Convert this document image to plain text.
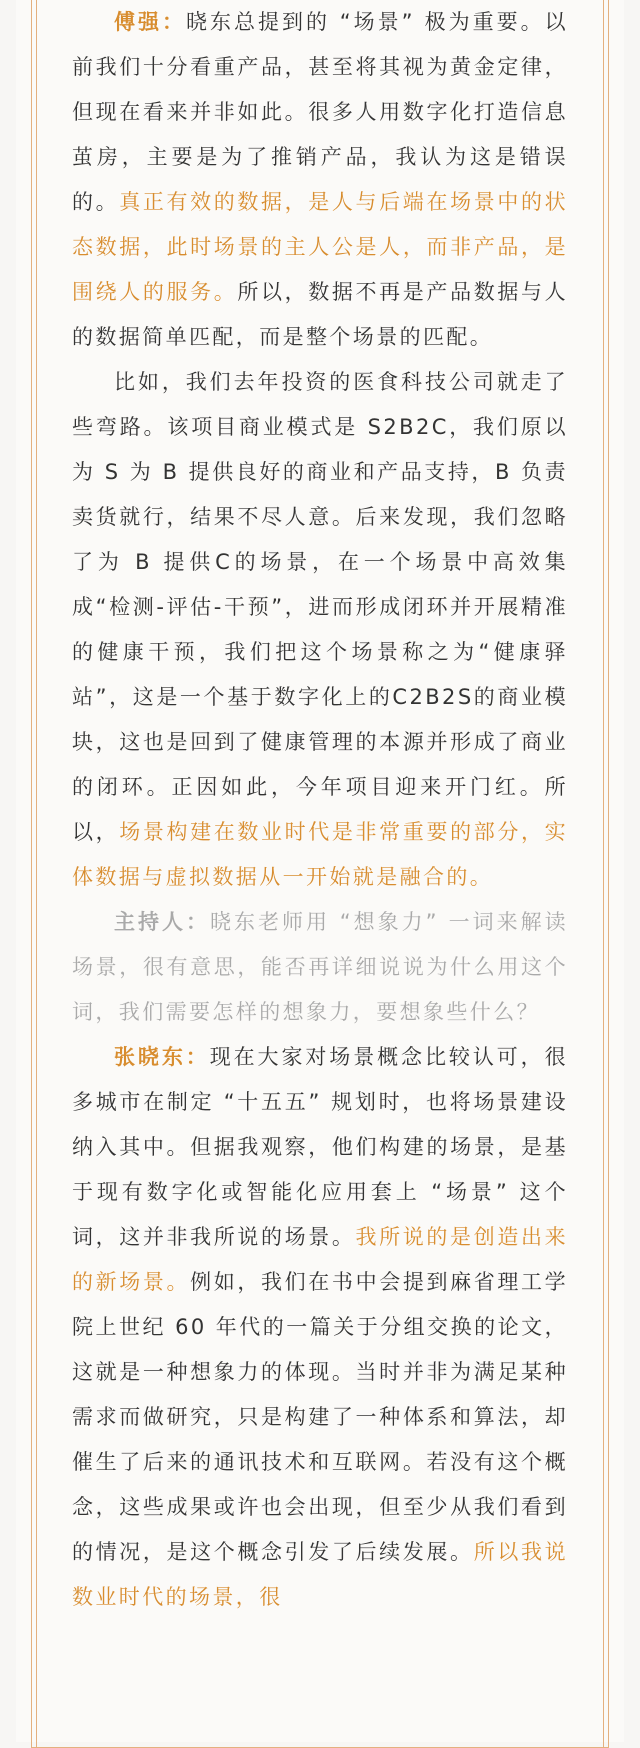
傅强：晓东总提到的 “场景” 极为重要。以前我们十分看重产品，甚至将其视为黄金定律，但现在看来并非如此。很多人用数字化打造信息茧房，主要是为了推销产品，我认为这是错误的。真正有效的数据，是人与后端在场景中的状态数据，此时场景的主人公是人，而非产品，是围绕人的服务。所以，数据不再是产品数据与人的数据简单匹配，而是整个场景的匹配。

比如，我们去年投资的医食科技公司就走了些弯路。该项目商业模式是 S2B2C，我们原以为 S 为 B 提供良好的商业和产品支持，B 负责卖货就行，结果不尽人意。后来发现，我们忽略了为 B 提供C的场景，在一个场景中高效集成“检测-评估-干预”，进而形成闭环并开展精准的健康干预，我们把这个场景称之为“健康驿站”，这是一个基于数字化上的C2B2S的商业模块，这也是回到了健康管理的本源并形成了商业的闭环。正因如此，今年项目迎来开门红。所以，场景构建在数业时代是非常重要的部分，实体数据与虚拟数据从一开始就是融合的。

主持人：晓东老师用 “想象力” 一词来解读场景，很有意思，能否再详细说说为什么用这个词，我们需要怎样的想象力，要想象些什么？

张晓东：现在大家对场景概念比较认可，很多城市在制定 “十五五” 规划时，也将场景建设纳入其中。但据我观察，他们构建的场景，是基于现有数字化或智能化应用套上 “场景” 这个词，这并非我所说的场景。我所说的是创造出来的新场景。例如，我们在书中会提到麻省理工学院上世纪 60 年代的一篇关于分组交换的论文，这就是一种想象力的体现。当时并非为满足某种需求而做研究，只是构建了一种体系和算法，却催生了后来的通讯技术和互联网。若没有这个概念，这些成果或许也会出现，但至少从我们看到的情况，是这个概念引发了后续发展。所以我说数业时代的场景，很
